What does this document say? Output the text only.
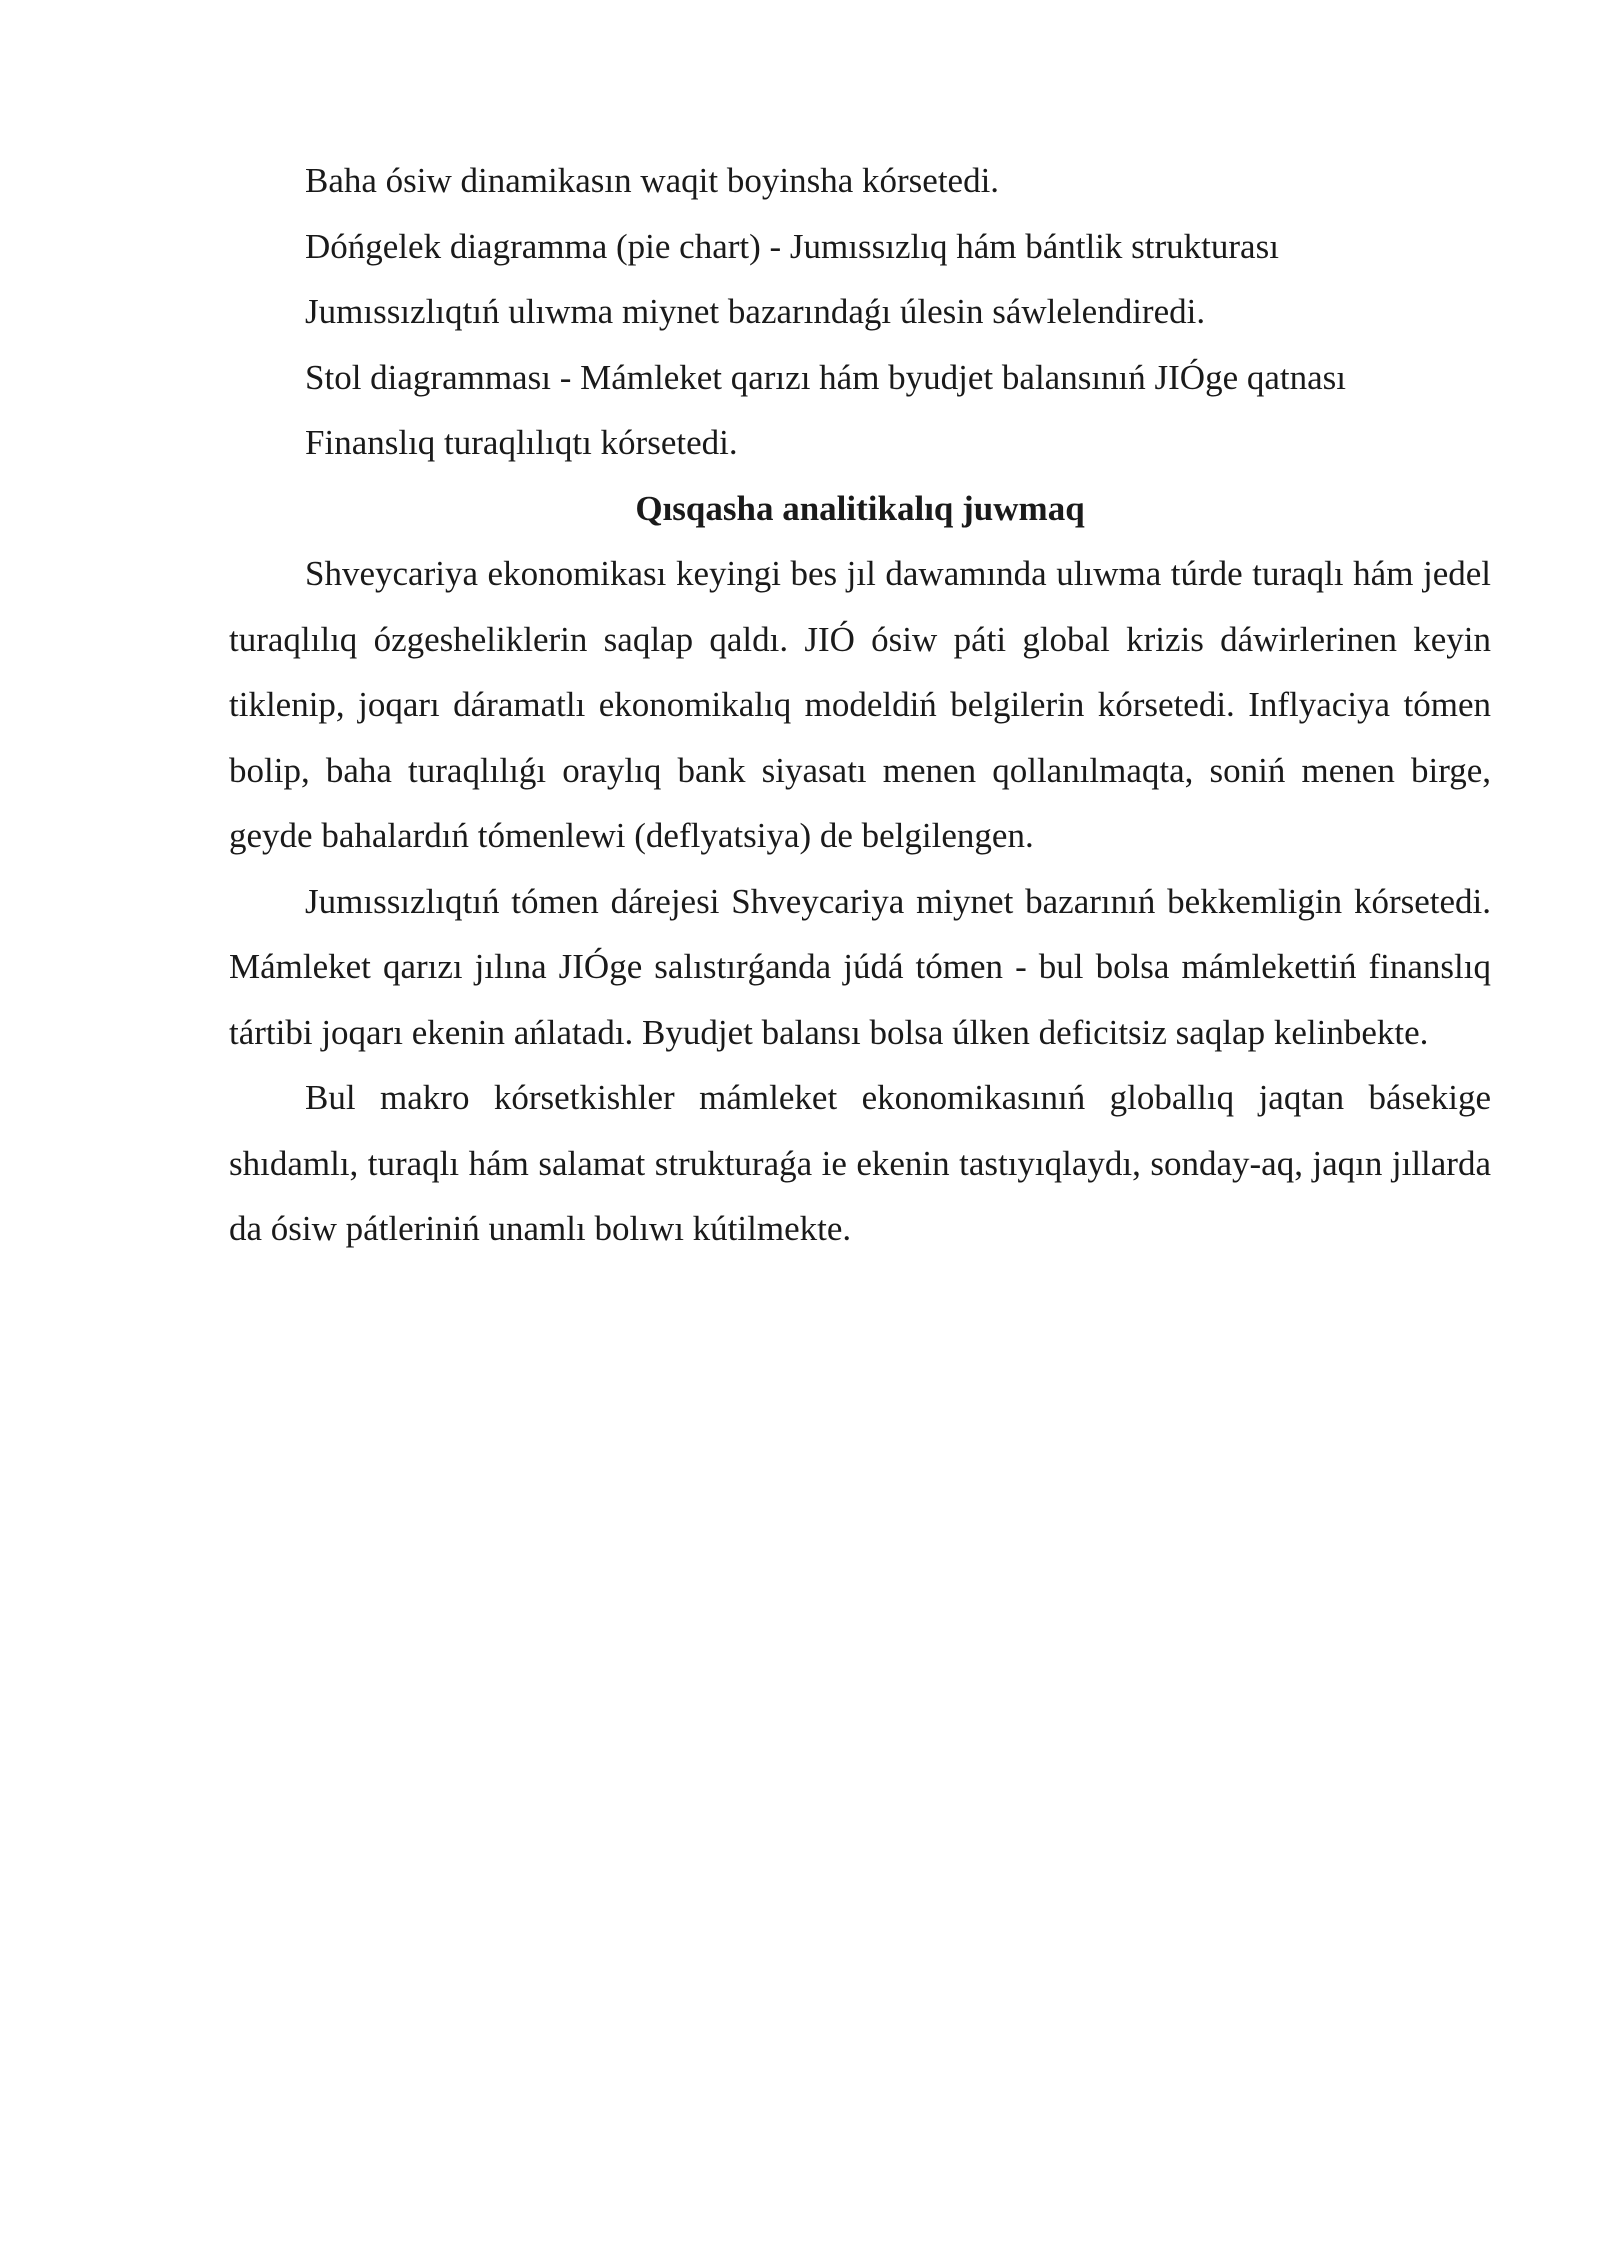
Baha ósiw dinamikasın waqit boyinsha kórsetedi.
Dóńgelek diagramma (pie chart) - Jumıssızlıq hám bántlik strukturası
Jumıssızlıqtıń ulıwma miynet bazarındaǵı úlesin sáwlelendiredi.
Stol diagramması - Mámleket qarızı hám byudjet balansınıń JIÓge qatnası
Finanslıq turaqlılıqtı kórsetedi.
Qısqasha analitikalıq juwmaq

Shveycariya ekonomikası keyingi bes jıl dawamında ulıwma túrde turaqlı hám jedel turaqlılıq ózgesheliklerin saqlap qaldı. JIÓ ósiw páti global krizis dáwirlerinen keyin tiklenip, joqarı dáramatlı ekonomikalıq modeldiń belgilerin kórsetedi. Inflyaciya tómen bolip, baha turaqlılıǵı oraylıq bank siyasatı menen qollanılmaqta, soniń menen birge, geyde bahalardıń tómenlewi (deflyatsiya) de belgilengen.

Jumıssızlıqtıń tómen dárejesi Shveycariya miynet bazarınıń bekkemligin kórsetedi. Mámleket qarızı jılına JIÓge salıstırǵanda júdá tómen - bul bolsa mámlekettiń finanslıq tártibi joqarı ekenin ańlatadı. Byudjet balansı bolsa úlken deficitsiz saqlap kelinbekte.

Bul makro kórsetkishler mámleket ekonomikasınıń globallıq jaqtan básekige shıdamlı, turaqlı hám salamat strukturaǵa ie ekenin tastıyıqlaydı, sonday-aq, jaqın jıllarda da ósiw pátleriniń unamlı bolıwı kútilmekte.
